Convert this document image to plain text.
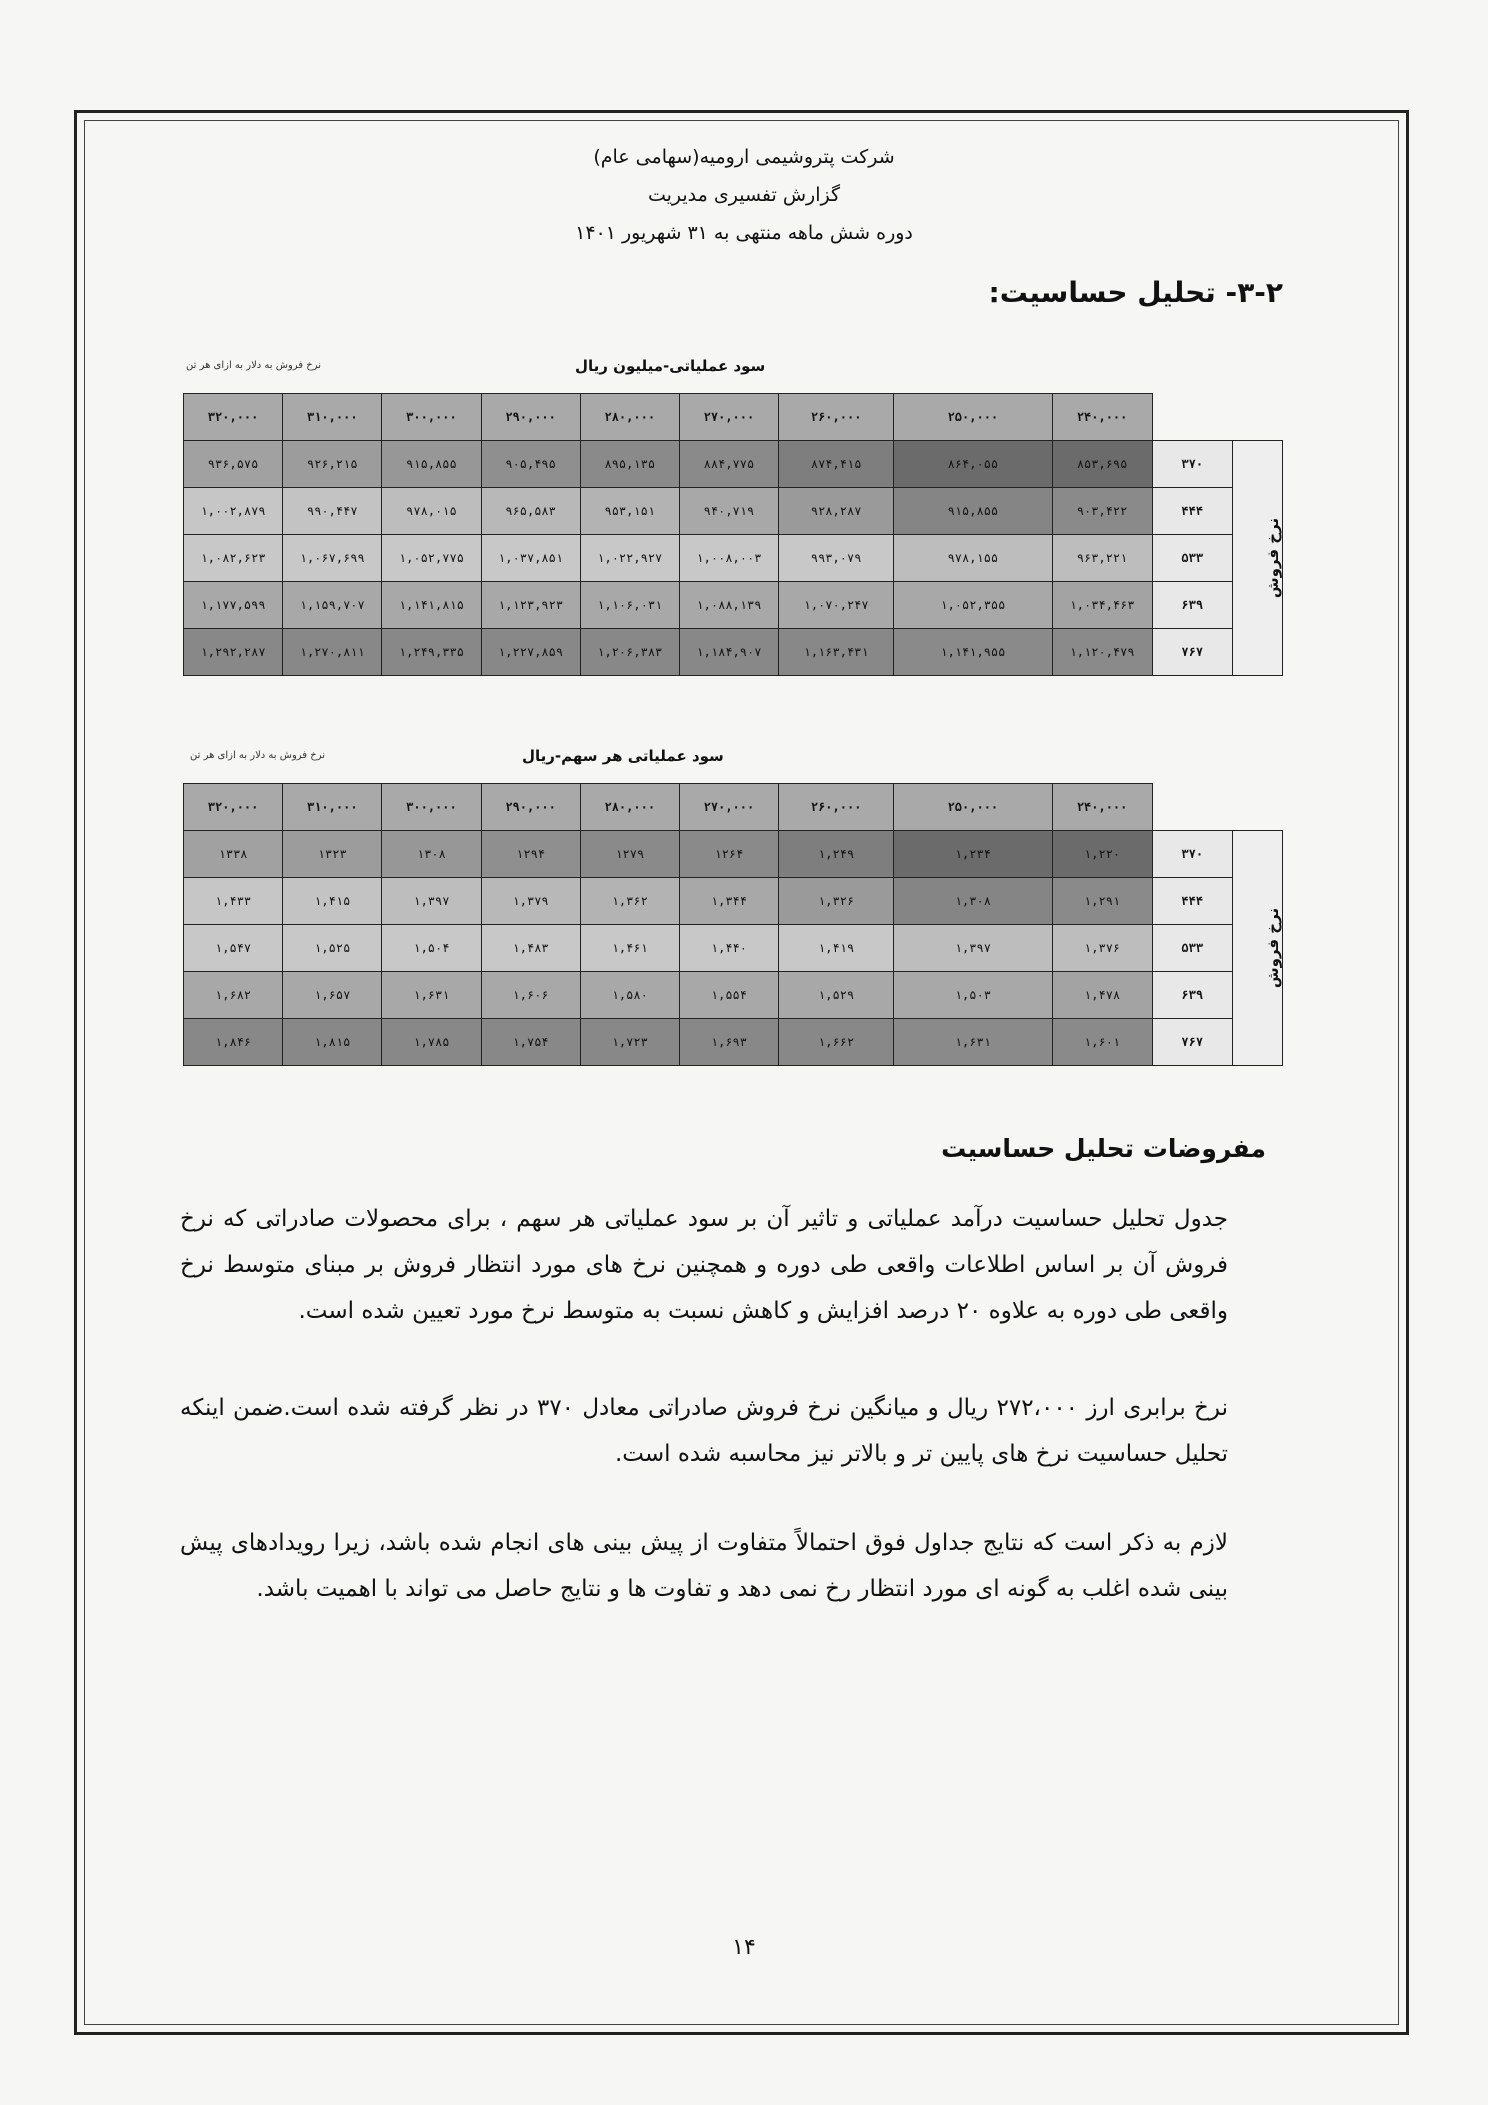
شرکت پتروشیمی ارومیه(سهامی عام)
گزارش تفسیری مدیریت
دوره شش ماهه منتهی به ۳۱ شهریور ۱۴۰۱
۳-۲- تحلیل حساسیت:
سود عملیاتی-میلیون ریال
نرخ فروش به دلار به ازای هر تن
۳۲۰,۰۰۰	۳۱۰,۰۰۰	۳۰۰,۰۰۰	۲۹۰,۰۰۰	۲۸۰,۰۰۰	۲۷۰,۰۰۰	۲۶۰,۰۰۰	۲۵۰,۰۰۰	۲۴۰,۰۰۰		
۹۳۶,۵۷۵	۹۲۶,۲۱۵	۹۱۵,۸۵۵	۹۰۵,۴۹۵	۸۹۵,۱۳۵	۸۸۴,۷۷۵	۸۷۴,۴۱۵	۸۶۴,۰۵۵	۸۵۳,۶۹۵	۳۷۰	نرخ فروش
۱,۰۰۲,۸۷۹	۹۹۰,۴۴۷	۹۷۸,۰۱۵	۹۶۵,۵۸۳	۹۵۳,۱۵۱	۹۴۰,۷۱۹	۹۲۸,۲۸۷	۹۱۵,۸۵۵	۹۰۳,۴۲۲	۴۴۴	
۱,۰۸۲,۶۲۳	۱,۰۶۷,۶۹۹	۱,۰۵۲,۷۷۵	۱,۰۳۷,۸۵۱	۱,۰۲۲,۹۲۷	۱,۰۰۸,۰۰۳	۹۹۳,۰۷۹	۹۷۸,۱۵۵	۹۶۳,۲۲۱	۵۳۳	
۱,۱۷۷,۵۹۹	۱,۱۵۹,۷۰۷	۱,۱۴۱,۸۱۵	۱,۱۲۳,۹۲۳	۱,۱۰۶,۰۳۱	۱,۰۸۸,۱۳۹	۱,۰۷۰,۲۴۷	۱,۰۵۲,۳۵۵	۱,۰۳۴,۴۶۳	۶۳۹	
۱,۲۹۲,۲۸۷	۱,۲۷۰,۸۱۱	۱,۲۴۹,۳۳۵	۱,۲۲۷,۸۵۹	۱,۲۰۶,۳۸۳	۱,۱۸۴,۹۰۷	۱,۱۶۳,۴۳۱	۱,۱۴۱,۹۵۵	۱,۱۲۰,۴۷۹	۷۶۷	
سود عملیاتی هر سهم-ریال
نرخ فروش به دلار به ازای هر تن
۳۲۰,۰۰۰	۳۱۰,۰۰۰	۳۰۰,۰۰۰	۲۹۰,۰۰۰	۲۸۰,۰۰۰	۲۷۰,۰۰۰	۲۶۰,۰۰۰	۲۵۰,۰۰۰	۲۴۰,۰۰۰		
۱۳۳۸	۱۳۲۳	۱۳۰۸	۱۲۹۴	۱۲۷۹	۱۲۶۴	۱,۲۴۹	۱,۲۳۴	۱,۲۲۰	۳۷۰	نرخ فروش
۱,۴۳۳	۱,۴۱۵	۱,۳۹۷	۱,۳۷۹	۱,۳۶۲	۱,۳۴۴	۱,۳۲۶	۱,۳۰۸	۱,۲۹۱	۴۴۴	
۱,۵۴۷	۱,۵۲۵	۱,۵۰۴	۱,۴۸۳	۱,۴۶۱	۱,۴۴۰	۱,۴۱۹	۱,۳۹۷	۱,۳۷۶	۵۳۳	
۱,۶۸۲	۱,۶۵۷	۱,۶۳۱	۱,۶۰۶	۱,۵۸۰	۱,۵۵۴	۱,۵۲۹	۱,۵۰۳	۱,۴۷۸	۶۳۹	
۱,۸۴۶	۱,۸۱۵	۱,۷۸۵	۱,۷۵۴	۱,۷۲۳	۱,۶۹۳	۱,۶۶۲	۱,۶۳۱	۱,۶۰۱	۷۶۷	
مفروضات تحلیل حساسیت
جدول تحلیل حساسیت درآمد عملیاتی و تاثیر آن بر سود عملیاتی هر سهم ، برای محصولات صادراتی که نرخ فروش آن بر اساس اطلاعات واقعی طی دوره و همچنین نرخ های مورد انتظار فروش بر مبنای متوسط نرخ واقعی طی دوره به علاوه ۲۰ درصد افزایش و کاهش نسبت به متوسط نرخ مورد تعیین شده است.
نرخ برابری ارز ۲۷۲،۰۰۰ ریال و میانگین نرخ فروش صادراتی معادل ۳۷۰ در نظر گرفته شده است.ضمن اینکه تحلیل حساسیت نرخ های پایین تر و بالاتر نیز محاسبه شده است.
لازم به ذکر است که نتایج جداول فوق احتمالاً متفاوت از پیش بینی های انجام شده باشد، زیرا رویدادهای پیش بینی شده اغلب به گونه ای مورد انتظار رخ نمی دهد و تفاوت ها و نتایج حاصل می تواند با اهمیت باشد.
۱۴
